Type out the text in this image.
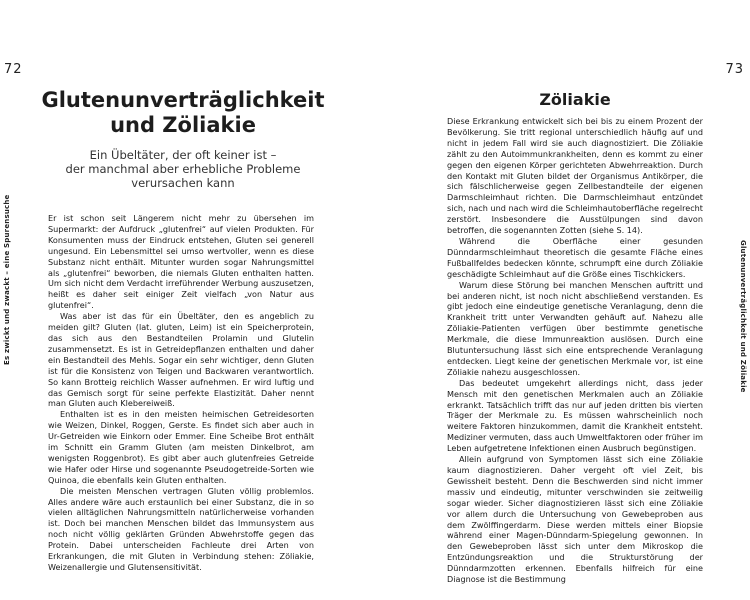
72	73
Es zwickt und zwackt – eine Spurensuche	Glutenunverträglichkeit und Zöliakie
Glutenunverträglichkeit
und Zöliakie
Ein Übeltäter, der oft keiner ist –
der manchmal aber erhebliche Probleme
verursachen kann

Er ist schon seit Längerem nicht mehr zu übersehen im Supermarkt: der Aufdruck „glutenfrei“ auf vielen Produkten. Für Konsumenten muss der Eindruck entstehen, Gluten sei generell ungesund. Ein Lebensmittel sei umso wertvoller, wenn es diese Substanz nicht enthält. Mitunter wurden sogar Nahrungsmittel als „glutenfrei“ beworben, die niemals Gluten enthalten hatten. Um sich nicht dem Verdacht irreführender Werbung auszusetzen, heißt es daher seit einiger Zeit vielfach „von Natur aus glutenfrei“.

Was aber ist das für ein Übeltäter, den es angeblich zu meiden gilt? Gluten (lat. gluten, Leim) ist ein Speicherprotein, das sich aus den Bestandteilen Prolamin und Glutelin zusammensetzt. Es ist in Getreidepflanzen enthalten und daher ein Bestandteil des Mehls. Sogar ein sehr wichtiger, denn Gluten ist für die Konsistenz von Teigen und Backwaren verantwortlich. So kann Brotteig reichlich Wasser aufnehmen. Er wird luftig und das Gemisch sorgt für seine perfekte Elastizität. Daher nennt man Gluten auch Klebereiweiß.

Enthalten ist es in den meisten heimischen Getreidesorten wie Weizen, Dinkel, Roggen, Gerste. Es findet sich aber auch in Ur-Getreiden wie Einkorn oder Emmer. Eine Scheibe Brot enthält im Schnitt ein Gramm Gluten (am meisten Dinkelbrot, am wenigsten Roggenbrot). Es gibt aber auch glutenfreies Getreide wie Hafer oder Hirse und sogenannte Pseudogetreide-Sorten wie Quinoa, die ebenfalls kein Gluten enthalten.

Die meisten Menschen vertragen Gluten völlig problemlos. Alles andere wäre auch erstaunlich bei einer Substanz, die in so vielen alltäglichen Nahrungsmitteln natürlicherweise vorhanden ist. Doch bei manchen Menschen bildet das Immunsystem aus noch nicht völlig geklärten Gründen Abwehrstoffe gegen das Protein. Dabei unterscheiden Fachleute drei Arten von Erkrankungen, die mit Gluten in Verbindung stehen: Zöliakie, Weizenallergie und Glutensensitivität.

Zöliakie

Diese Erkrankung entwickelt sich bei bis zu einem Prozent der Bevölkerung. Sie tritt regional unterschiedlich häufig auf und nicht in jedem Fall wird sie auch diagnostiziert. Die Zöliakie zählt zu den Autoimmunkrankheiten, denn es kommt zu einer gegen den eigenen Körper gerichteten Abwehrreaktion. Durch den Kontakt mit Gluten bildet der Organismus Antikörper, die sich fälschlicherweise gegen Zellbestandteile der eigenen Darmschleimhaut richten. Die Darmschleimhaut entzündet sich, nach und nach wird die Schleimhautoberfläche regelrecht zerstört. Insbesondere die Ausstülpungen sind davon betroffen, die sogenannten Zotten (siehe S. 14).

Während die Oberfläche einer gesunden Dünndarmschleimhaut theoretisch die gesamte Fläche eines Fußballfeldes bedecken könnte, schrumpft eine durch Zöliakie geschädigte Schleimhaut auf die Größe eines Tischkickers.

Warum diese Störung bei manchen Menschen auftritt und bei anderen nicht, ist noch nicht abschließend verstanden. Es gibt jedoch eine eindeutige genetische Veranlagung, denn die Krankheit tritt unter Verwandten gehäuft auf. Nahezu alle Zöliakie-Patienten verfügen über bestimmte genetische Merkmale, die diese Immunreaktion auslösen. Durch eine Blutuntersuchung lässt sich eine entsprechende Veranlagung entdecken. Liegt keine der genetischen Merkmale vor, ist eine Zöliakie nahezu ausgeschlossen.

Das bedeutet umgekehrt allerdings nicht, dass jeder Mensch mit den genetischen Merkmalen auch an Zöliakie erkrankt. Tatsächlich trifft das nur auf jeden dritten bis vierten Träger der Merkmale zu. Es müssen wahrscheinlich noch weitere Faktoren hinzukommen, damit die Krankheit entsteht. Mediziner vermuten, dass auch Umweltfaktoren oder früher im Leben aufgetretene Infektionen einen Ausbruch begünstigen.

Allein aufgrund von Symptomen lässt sich eine Zöliakie kaum diagnostizieren. Daher vergeht oft viel Zeit, bis Gewissheit besteht. Denn die Beschwerden sind nicht immer massiv und eindeutig, mitunter verschwinden sie zeitweilig sogar wieder. Sicher diagnostizieren lässt sich eine Zöliakie vor allem durch die Untersuchung von Gewebeproben aus dem Zwölffingerdarm. Diese werden mittels einer Biopsie während einer Magen-Dünndarm-Spiegelung gewonnen. In den Gewebeproben lässt sich unter dem Mikroskop die Entzündungsreaktion und die Strukturstörung der Dünndarmzotten erkennen. Ebenfalls hilfreich für eine Diagnose ist die Bestimmung
